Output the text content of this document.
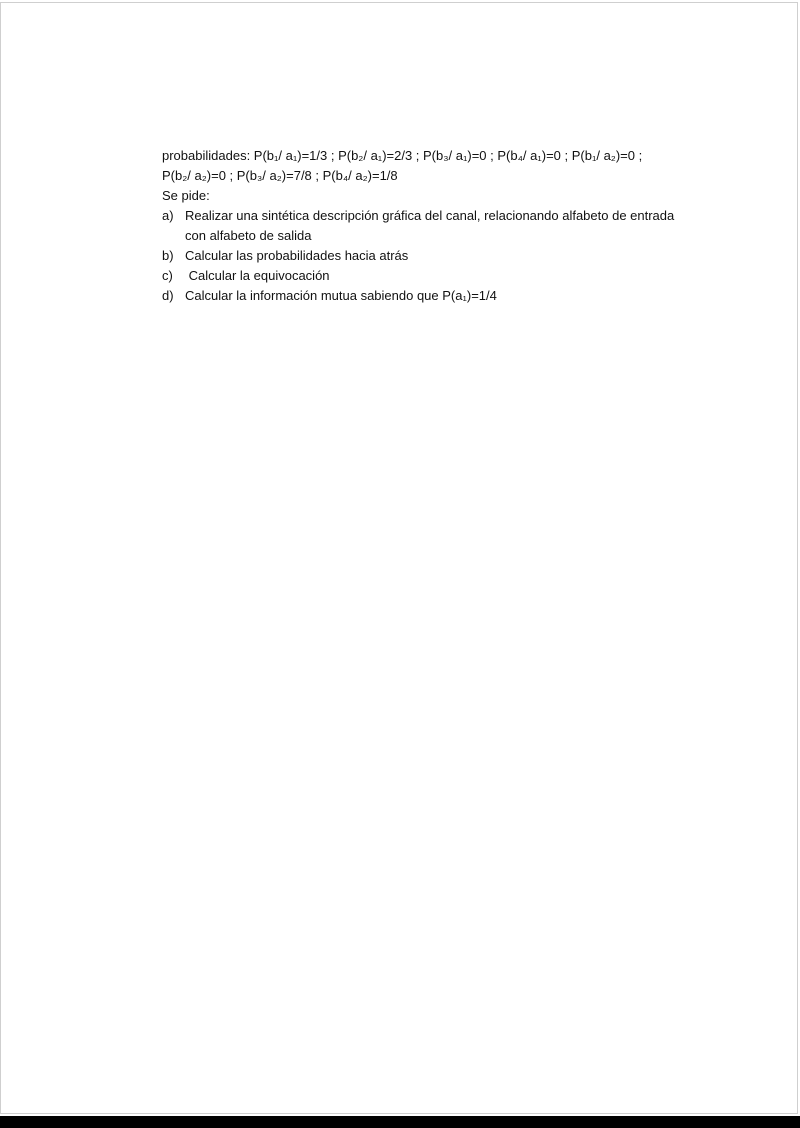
probabilidades: P(b₁/ a₁)=1/3 ; P(b₂/ a₁)=2/3 ; P(b₃/ a₁)=0 ; P(b₄/ a₁)=0 ; P(b₁/ a₂)=0 ;
P(b₂/ a₂)=0 ; P(b₃/ a₂)=7/8 ; P(b₄/ a₂)=1/8
Se pide:
a) Realizar una sintética descripción gráfica del canal, relacionando alfabeto de entrada
con alfabeto de salida
b) Calcular las probabilidades hacia atrás
c) Calcular la equivocación
d) Calcular la información mutua sabiendo que P(a₁)=1/4
